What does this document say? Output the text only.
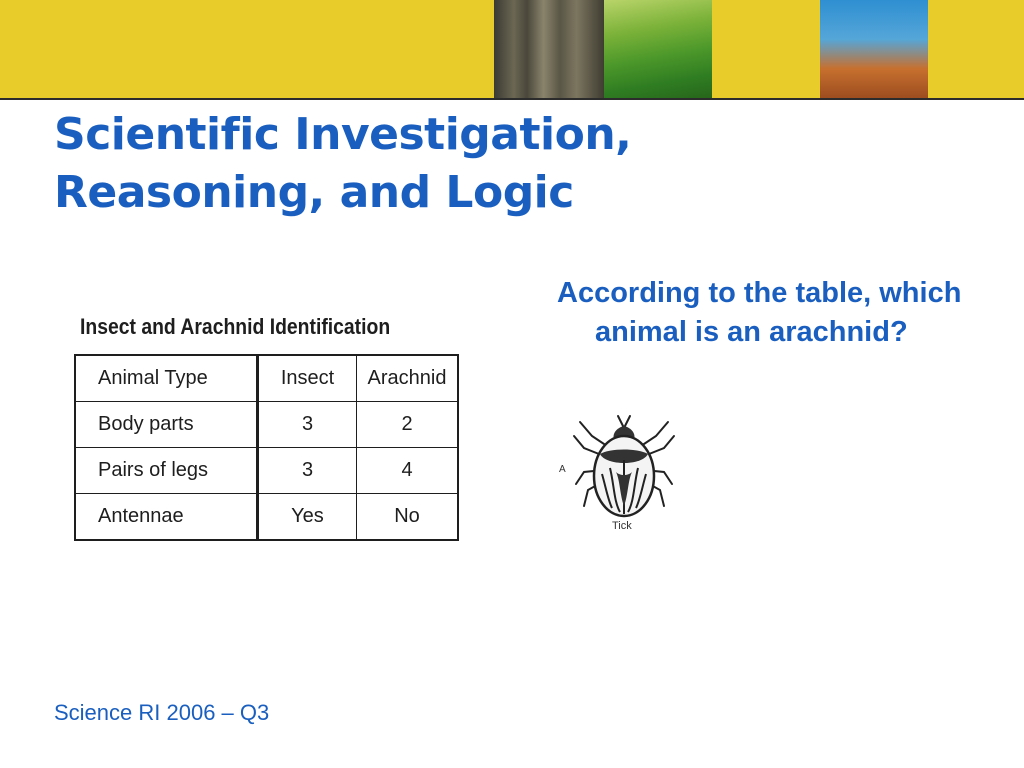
Scientific Investigation,
Reasoning, and Logic

Insect and Arachnid Identification

Animal Type	Insect	Arachnid
Body parts	3	2
Pairs of legs	3	4
Antennae	Yes	No

According to the table, which animal is an arachnid?

A
Tick

Science RI 2006 – Q3
